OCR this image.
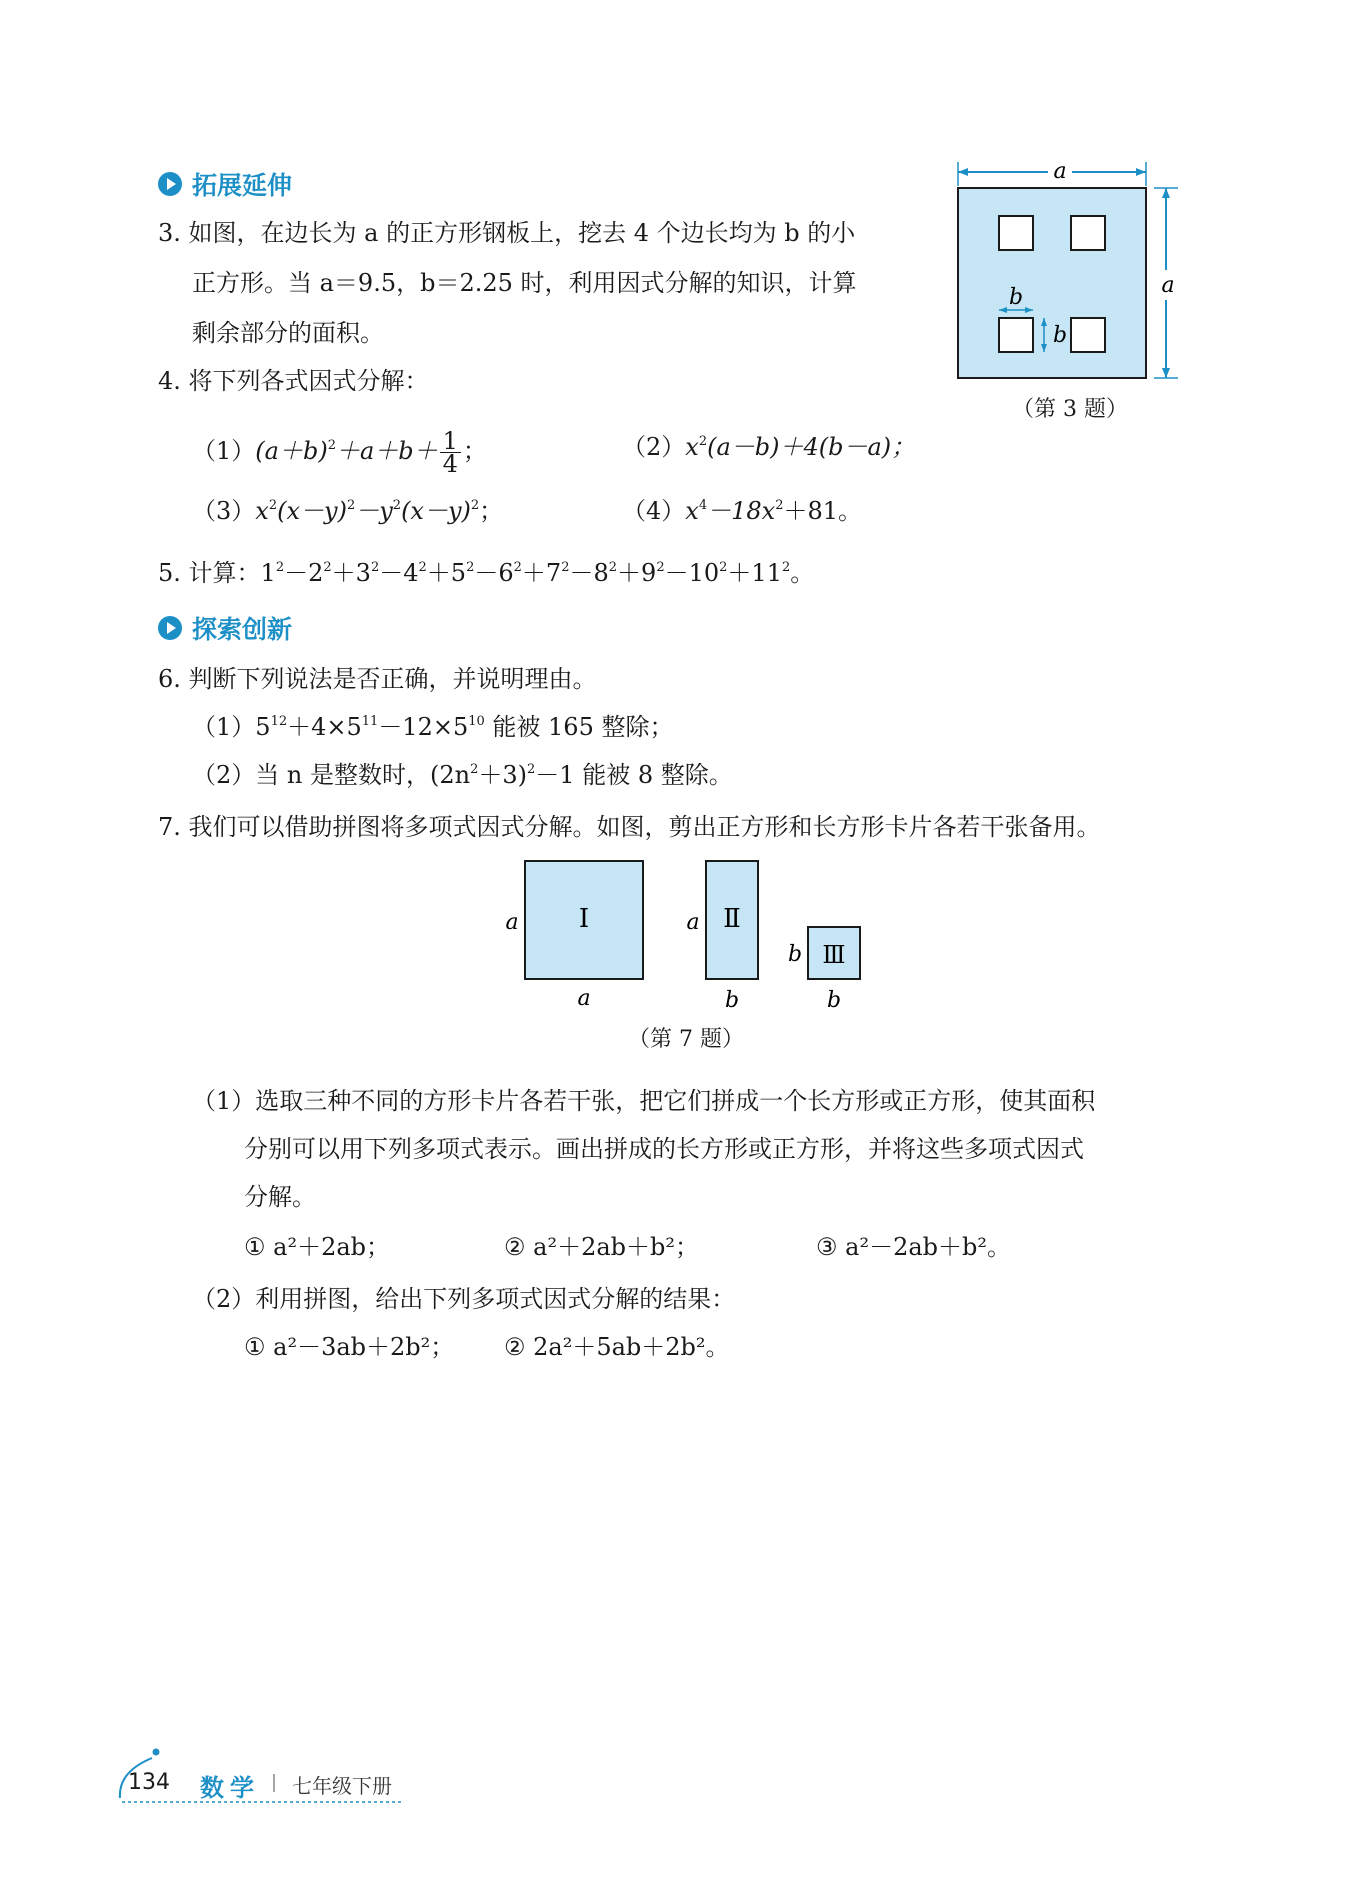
拓展延伸
3. 如图，在边长为 a 的正方形钢板上，挖去 4 个边长均为 b 的小
正方形。当 a＝9.5，b＝2.25 时，利用因式分解的知识，计算
剩余部分的面积。
a
b
b
a
（第 3 题）
4. 将下列各式因式分解：
$(1)(a+b)^2+a+b+ \frac{1}{4}$ ；	$(2)x^2(a-b)+4(b-a)$；
$(3)x^2(x-y)^2-y^2(x-y)^2$；	$(4)x^4-18x^2+81$。
5. 计算：$1^2-2^2+3^2-4^2+5^2-6^2+7^2-8^2+9^2-10^2+11^2$。
探索创新
6. 判断下列说法是否正确，并说明理由。
$(1)5^{12}+4\times 5^{11}-12\times 5^{10}$ 能被 165 整除；
（2）当 n 是整数时，$(2n^2+3)^2-1$ 能被 8 整除。
7. 我们可以借助拼图将多项式因式分解。如图，剪出正方形和长方形卡片各若干张备用。
Ⅰ
a
a
Ⅱ
a
b
Ⅲ
b
b
（第 7 题）
（1）选取三种不同的方形卡片各若干张，把它们拼成一个长方形或正方形，使其面积
分别可以用下列多项式表示。画出拼成的长方形或正方形，并将这些多项式因式
分解。
① a²＋2ab；	② a²＋2ab＋b²；	③ a²－2ab＋b²。
（2）利用拼图，给出下列多项式因式分解的结果：
① a²－3ab＋2b²； ② 2a²＋5ab＋2b²。
134 数学 七年级下册
